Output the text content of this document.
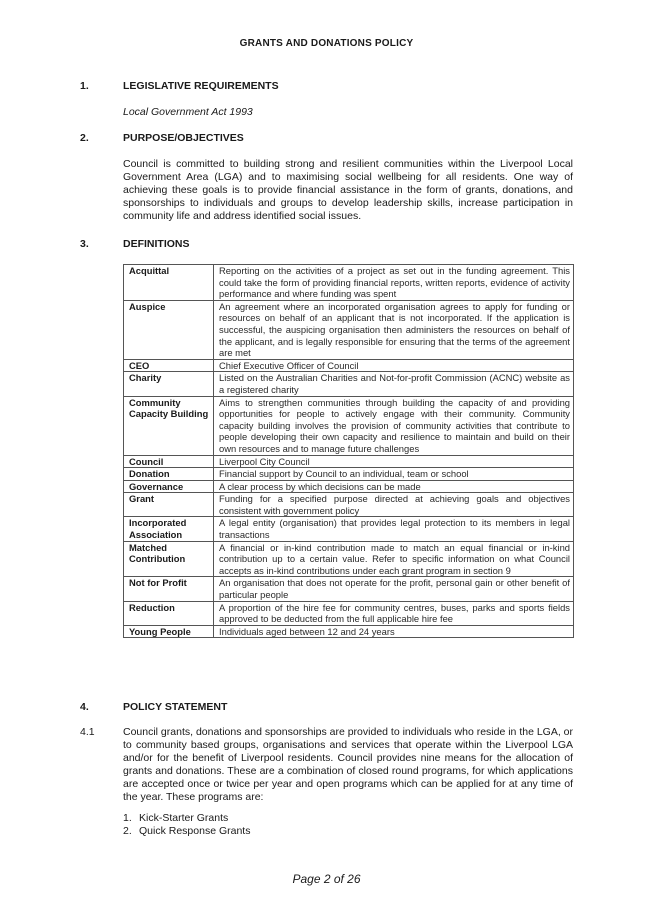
GRANTS AND DONATIONS POLICY
1.	LEGISLATIVE REQUIREMENTS
Local Government Act 1993
2.	PURPOSE/OBJECTIVES
Council is committed to building strong and resilient communities within the Liverpool Local Government Area (LGA) and to maximising social wellbeing for all residents. One way of achieving these goals is to provide financial assistance in the form of grants, donations, and sponsorships to individuals and groups to develop leadership skills, increase participation in community life and address identified social issues.
3.	DEFINITIONS
Acquittal	Reporting on the activities of a project as set out in the funding agreement. This could take the form of providing financial reports, written reports, evidence of activity performance and where funding was spent
Auspice	An agreement where an incorporated organisation agrees to apply for funding or resources on behalf of an applicant that is not incorporated. If the application is successful, the auspicing organisation then administers the resources on behalf of the applicant, and is legally responsible for ensuring that the terms of the agreement are met
CEO	Chief Executive Officer of Council
Charity	Listed on the Australian Charities and Not-for-profit Commission (ACNC) website as a registered charity
Community Capacity Building	Aims to strengthen communities through building the capacity of and providing opportunities for people to actively engage with their community. Community capacity building involves the provision of community activities that contribute to people developing their own capacity and resilience to maintain and build on their own resources and to manage future challenges
Council	Liverpool City Council
Donation	Financial support by Council to an individual, team or school
Governance	A clear process by which decisions can be made
Grant	Funding for a specified purpose directed at achieving goals and objectives consistent with government policy
Incorporated Association	A legal entity (organisation) that provides legal protection to its members in legal transactions
Matched Contribution	A financial or in-kind contribution made to match an equal financial or in-kind contribution up to a certain value. Refer to specific information on what Council accepts as in-kind contributions under each grant program in section 9
Not for Profit	An organisation that does not operate for the profit, personal gain or other benefit of particular people
Reduction	A proportion of the hire fee for community centres, buses, parks and sports fields approved to be deducted from the full applicable hire fee
Young People	Individuals aged between 12 and 24 years
4.	POLICY STATEMENT
4.1	Council grants, donations and sponsorships are provided to individuals who reside in the LGA, or to community based groups, organisations and services that operate within the Liverpool LGA and/or for the benefit of Liverpool residents. Council provides nine means for the allocation of grants and donations. These are a combination of closed round programs, for which applications are accepted once or twice per year and open programs which can be applied for at any time of the year. These programs are:
1. Kick-Starter Grants
2. Quick Response Grants
Page 2 of 26
